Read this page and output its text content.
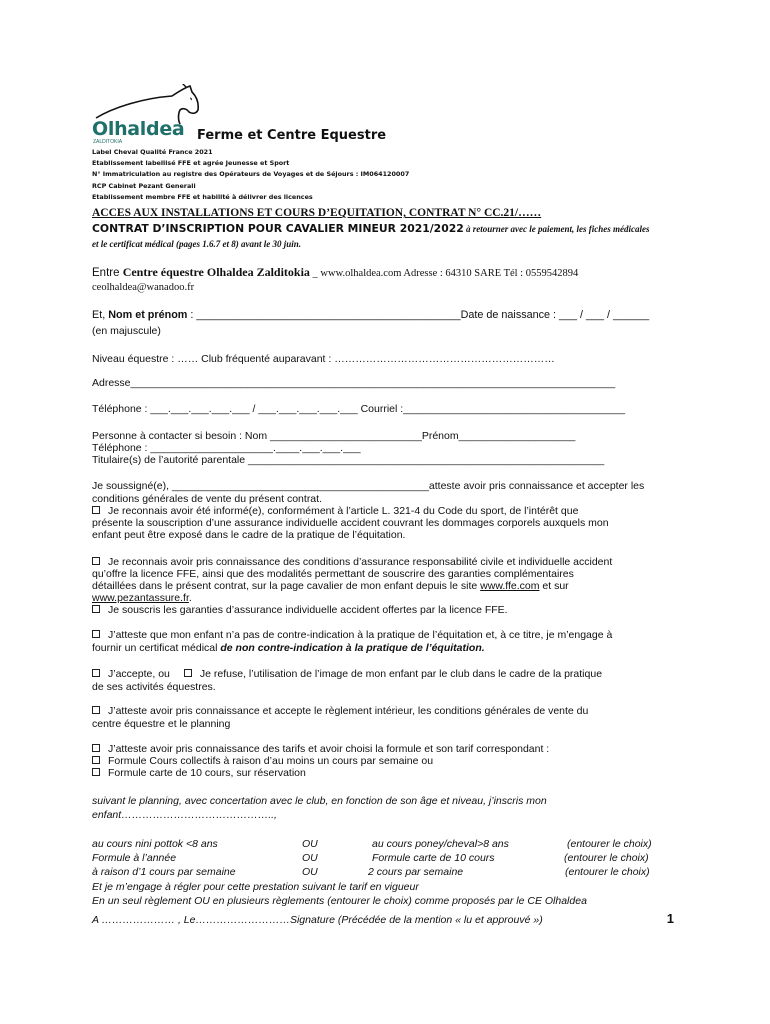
Olhaldea
ZALDITOKIA	Ferme et Centre Equestre
Label Cheval Qualité France 2021
Etablissement labellisé FFE et agrée Jeunesse et Sport
N° Immatriculation au registre des Opérateurs de Voyages et de Séjours : IM064120007
RCP Cabinet Pezant Generali
Etablissement membre FFE et habilité à délivrer des licences
ACCES AUX INSTALLATIONS ET COURS D’EQUITATION, CONTRAT N° CC.21/……
CONTRAT D’INSCRIPTION POUR CAVALIER MINEUR 2021/2022 à retourner avec le paiement, les fiches médicales
et le certificat médical (pages 1.6.7 et 8) avant le 30 juin.
Entre Centre équestre Olhaldea Zalditokia _ www.olhaldea.com Adresse : 64310 SARE Tél : 0559542894
ceolhaldea@wanadoo.fr
Et, Nom et prénom : ____________________________________________Date de naissance : ___ / ___ / ______
(en majuscule)
Niveau équestre : …… Club fréquenté auparavant : ………………………………………………………
Adresse___________________________________________________________________________________
Téléphone : ___.___.___.___.___ / ___.___.___.___.___ Courriel :______________________________________
Personne à contacter si besoin : Nom __________________________Prénom____________________
Téléphone : _____________________.____.___.___.___
Titulaire(s) de l’autorité parentale _____________________________________________________________
Je soussigné(e), ____________________________________________atteste avoir pris connaissance et accepter les
conditions générales de vente du présent contrat.
Je reconnais avoir été informé(e), conformément à l’article L. 321-4 du Code du sport, de l’intérêt que
présente la souscription d’une assurance individuelle accident couvrant les dommages corporels auxquels mon
enfant peut être exposé dans le cadre de la pratique de l’équitation.
Je reconnais avoir pris connaissance des conditions d’assurance responsabilité civile et individuelle accident
qu’offre la licence FFE, ainsi que des modalités permettant de souscrire des garanties complémentaires
détaillées dans le présent contrat, sur la page cavalier de mon enfant depuis le site www.ffe.com et sur
www.pezantassure.fr.
Je souscris les garanties d’assurance individuelle accident offertes par la licence FFE.
J’atteste que mon enfant n’a pas de contre-indication à la pratique de l’équitation et, à ce titre, je m’engage à
fournir un certificat médical de non contre-indication à la pratique de l’équitation.
J’accepte, ou	Je refuse, l’utilisation de l’image de mon enfant par le club dans le cadre de la pratique
de ses activités équestres.
J’atteste avoir pris connaissance et accepte le règlement intérieur, les conditions générales de vente du
centre équestre et le planning
J’atteste avoir pris connaissance des tarifs et avoir choisi la formule et son tarif correspondant :
Formule Cours collectifs à raison d’au moins un cours par semaine ou
Formule carte de 10 cours, sur réservation
suivant le planning, avec concertation avec le club, en fonction de son âge et niveau, j’inscris mon
enfant……………………………………..,
au cours nini pottok <8 ans	OU	au cours poney/cheval>8 ans	(entourer le choix)
Formule à l’année	OU	Formule carte de 10 cours	(entourer le choix)
à raison d’1 cours par semaine	OU	2 cours par semaine	(entourer le choix)
Et je m’engage à régler pour cette prestation suivant le tarif en vigueur
En un seul règlement OU en plusieurs règlements (entourer le choix) comme proposés par le CE Olhaldea
A ………………… , Le………………………Signature (Précédée de la mention « lu et approuvé »)	1
